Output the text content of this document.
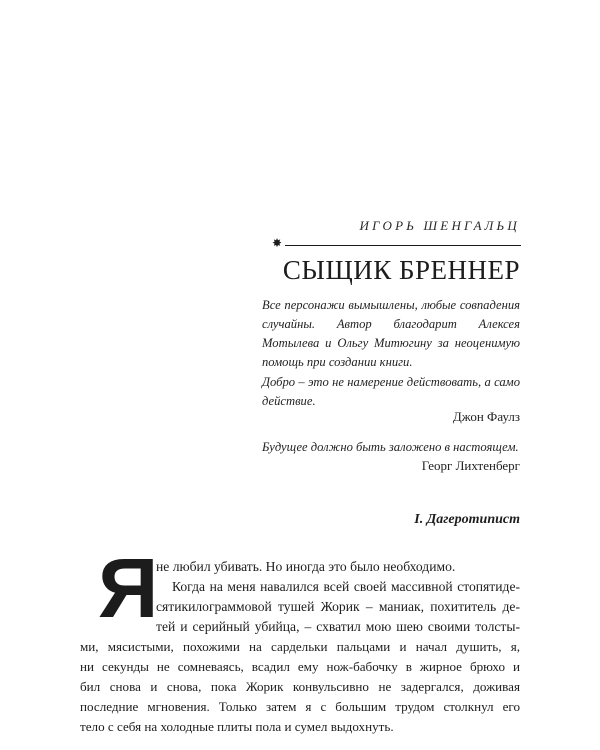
ИГОРЬ ШЕНГАЛЬЦ
✸
СЫЩИК БРЕННЕР
Все персонажи вымышлены, любые совпадения случайны. Автор благодарит Алексея Мотылева и Ольгу Митюгину за неоценимую помощь при создании книги.
Добро – это не намерение действовать, а само действие.
Джон Фаулз
Будущее должно быть заложено в настоящем.
Георг Лихтенберг
I. Дагеротипист
Я
не любил убивать. Но иногда это было необходимо.
Когда на меня навалился всей своей массивной стопятиде-
сятикилограммовой тушей Жорик – маниак, похититель де-
тей и серийный убийца, – схватил мою шею своими толсты-
ми, мясистыми, похожими на сардельки пальцами и начал душить, я,
ни секунды не сомневаясь, всадил ему нож-бабочку в жирное брюхо и
бил снова и снова, пока Жорик конвульсивно не задергался, доживая
последние мгновения. Только затем я с большим трудом столкнул его
тело с себя на холодные плиты пола и сумел выдохнуть.
